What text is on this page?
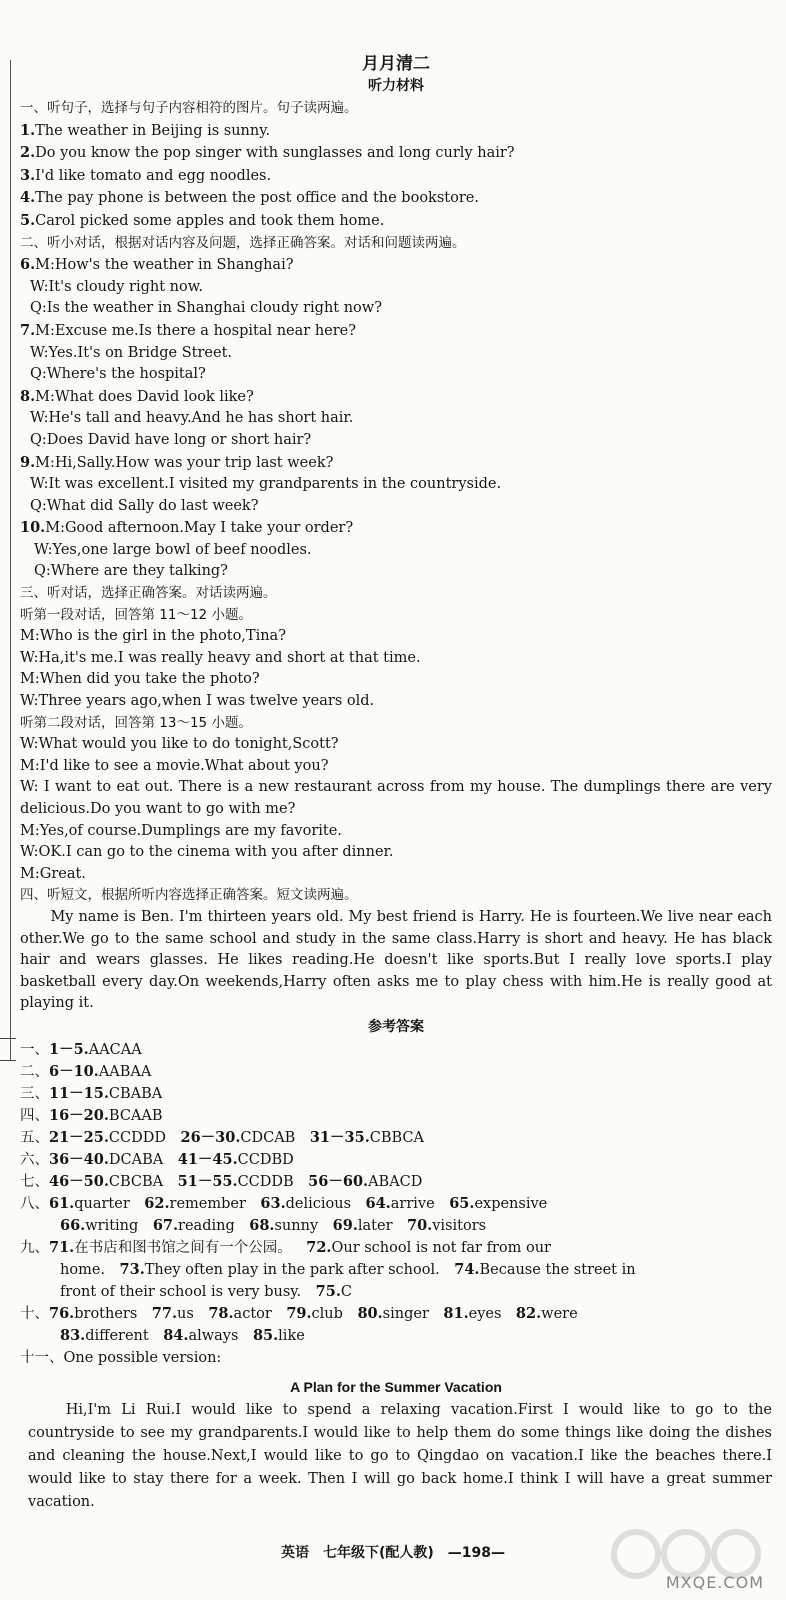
月月清二
听力材料
一、听句子，选择与句子内容相符的图片。句子读两遍。
1.The weather in Beijing is sunny.
2.Do you know the pop singer with sunglasses and long curly hair?
3.I'd like tomato and egg noodles.
4.The pay phone is between the post office and the bookstore.
5.Carol picked some apples and took them home.
二、听小对话，根据对话内容及问题，选择正确答案。对话和问题读两遍。
6.M:How's the weather in Shanghai?
W:It's cloudy right now.
Q:Is the weather in Shanghai cloudy right now?
7.M:Excuse me.Is there a hospital near here?
W:Yes.It's on Bridge Street.
Q:Where's the hospital?
8.M:What does David look like?
W:He's tall and heavy.And he has short hair.
Q:Does David have long or short hair?
9.M:Hi,Sally.How was your trip last week?
W:It was excellent.I visited my grandparents in the countryside.
Q:What did Sally do last week?
10.M:Good afternoon.May I take your order?
W:Yes,one large bowl of beef noodles.
Q:Where are they talking?
三、听对话，选择正确答案。对话读两遍。
听第一段对话，回答第 11～12 小题。
M:Who is the girl in the photo,Tina?
W:Ha,it's me.I was really heavy and short at that time.
M:When did you take the photo?
W:Three years ago,when I was twelve years old.
听第二段对话，回答第 13～15 小题。
W:What would you like to do tonight,Scott?
M:I'd like to see a movie.What about you?
W: I want to eat out. There is a new restaurant across from my house. The dumplings there are very delicious.Do you want to go with me?
M:Yes,of course.Dumplings are my favorite.
W:OK.I can go to the cinema with you after dinner.
M:Great.
四、听短文，根据所听内容选择正确答案。短文读两遍。
My name is Ben. I'm thirteen years old. My best friend is Harry. He is fourteen.We live near each other.We go to the same school and study in the same class.Harry is short and heavy. He has black hair and wears glasses. He likes reading.He doesn't like sports.But I really love sports.I play basketball every day.On weekends,Harry often asks me to play chess with him.He is really good at playing it.
参考答案
一、1－5.AACAA
二、6－10.AABAA
三、11－15.CBABA
四、16－20.BCAAB
五、21－25.CCDDD  26－30.CDCAB  31－35.CBBCA
六、36－40.DCABA  41－45.CCDBD
七、46－50.CBCBA  51－55.CCDDB  56－60.ABACD
八、61.quarter  62.remember  63.delicious  64.arrive  65.expensive
66.writing  67.reading  68.sunny  69.later  70.visitors
九、71.在书店和图书馆之间有一个公园。  72.Our school is not far from our
home.  73.They often play in the park after school.  74.Because the street in
front of their school is very busy.  75.C
十、76.brothers  77.us  78.actor  79.club  80.singer  81.eyes  82.were
83.different  84.always  85.like
十一、One possible version:
A Plan for the Summer Vacation
Hi,I'm Li Rui.I would like to spend a relaxing vacation.First I would like to go to the countryside to see my grandparents.I would like to help them do some things like doing the dishes and cleaning the house.Next,I would like to go to Qingdao on vacation.I like the beaches there.I would like to stay there for a week. Then I will go back home.I think I will have a great summer vacation.
英语　七年级下(配人教)　—198—
MXQE.COM
